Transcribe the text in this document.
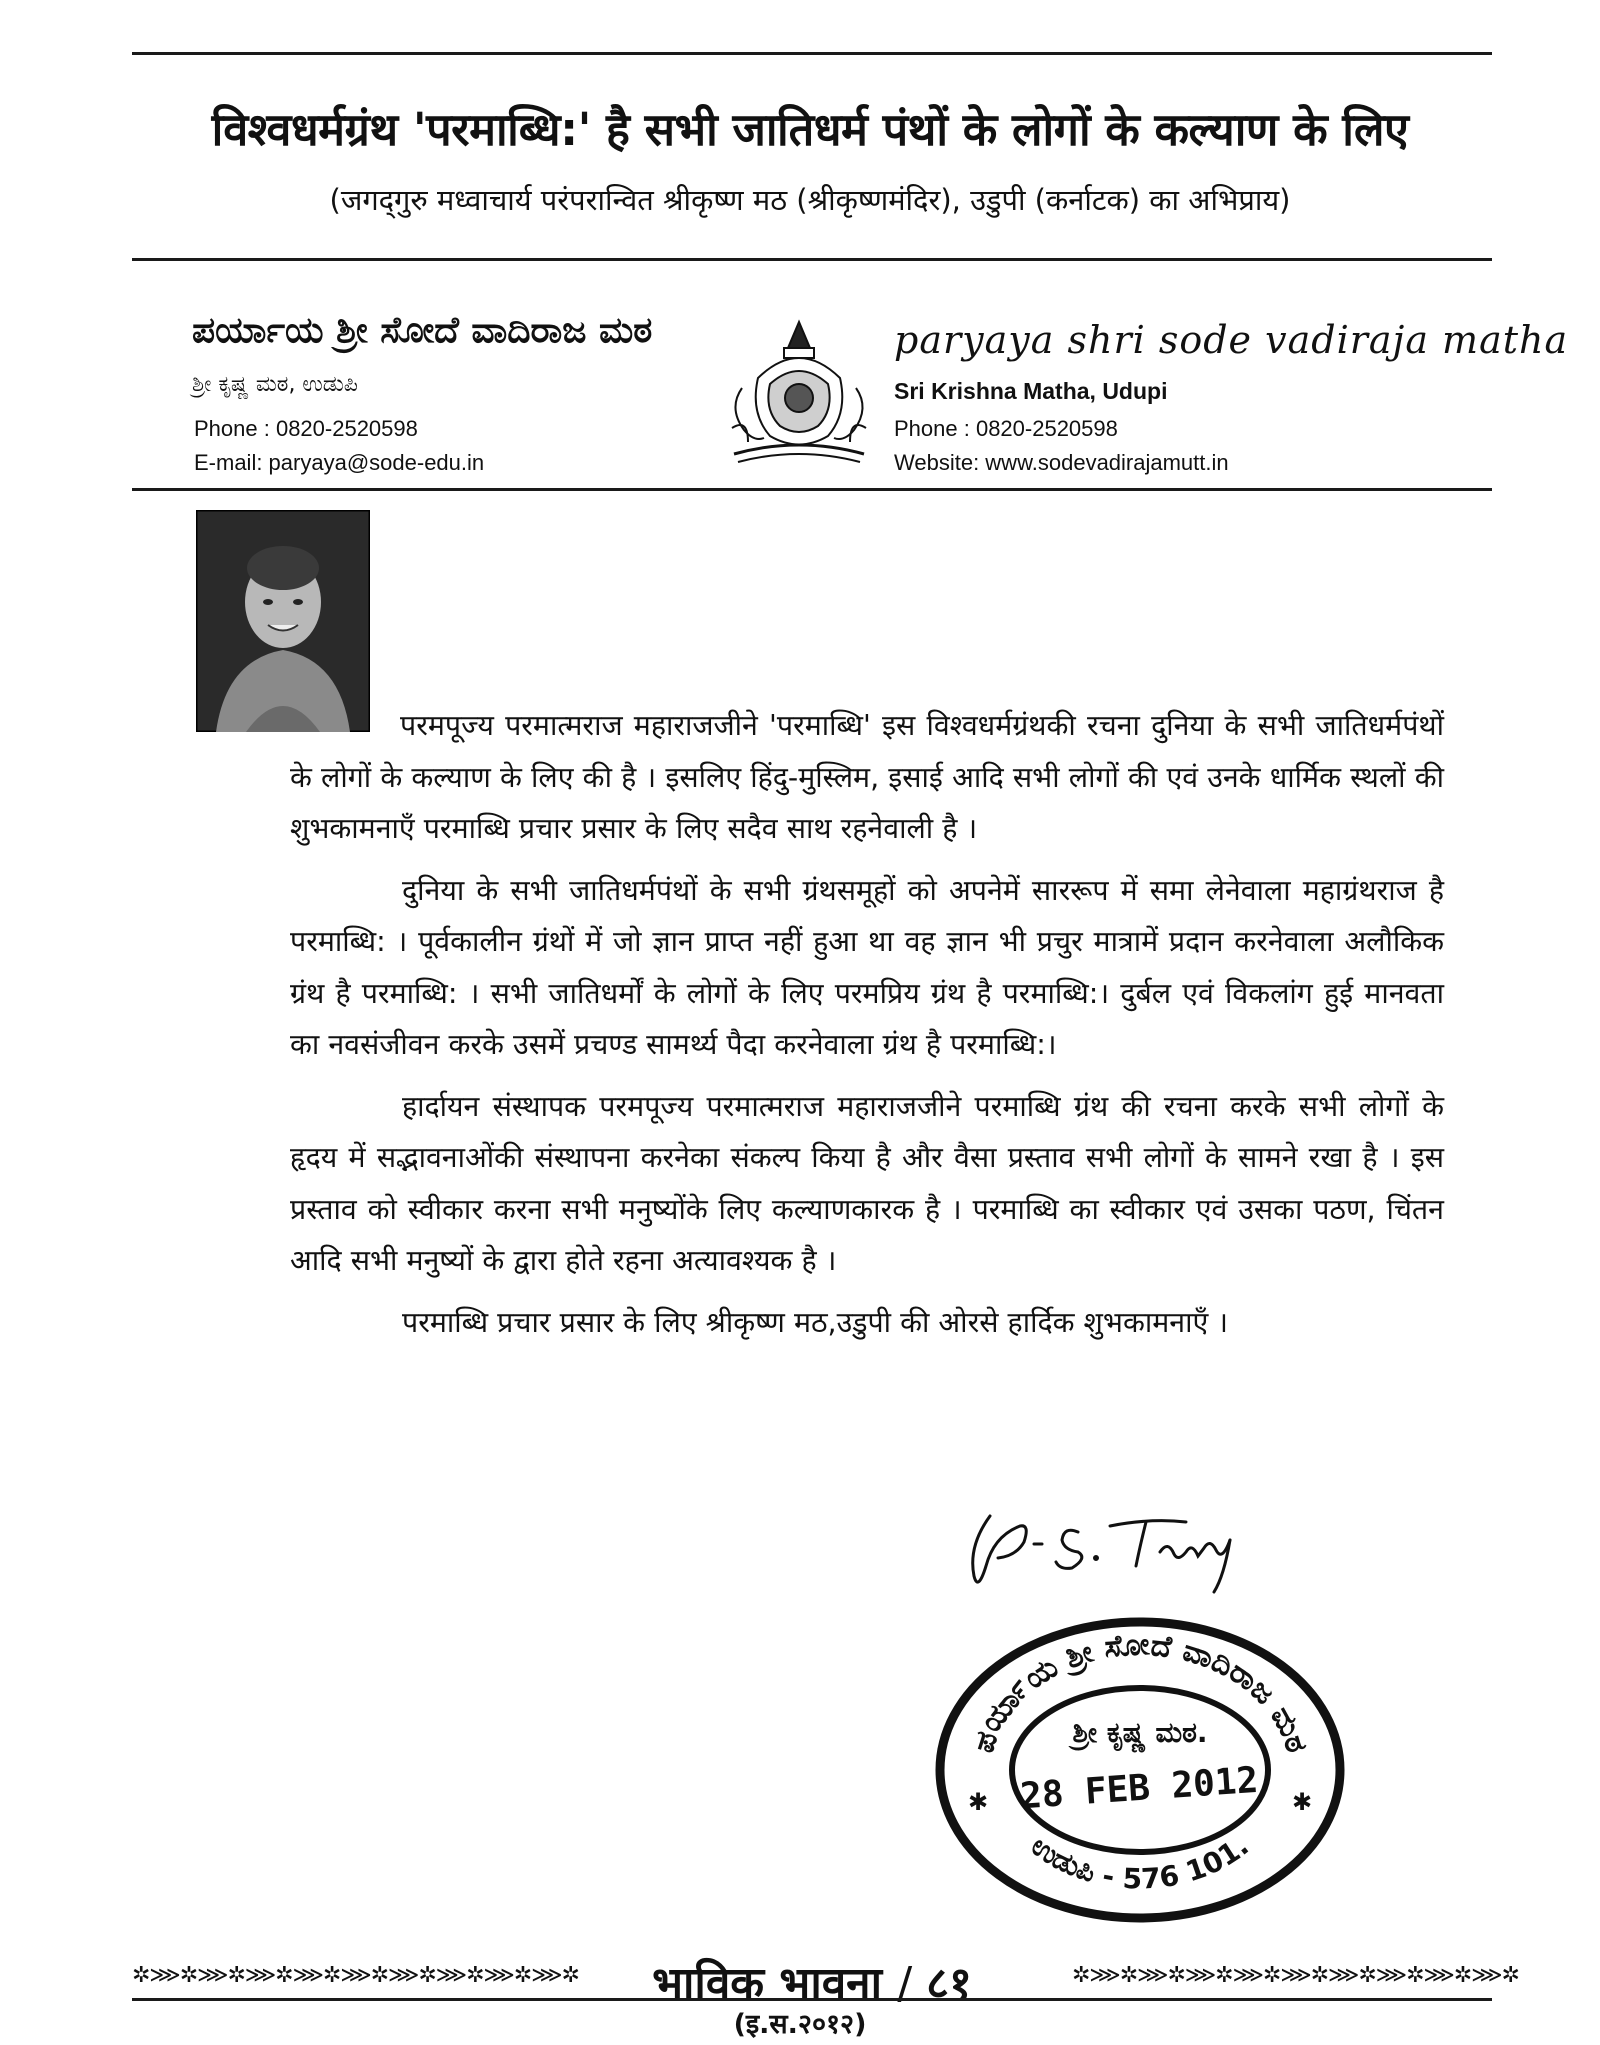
विश्वधर्मग्रंथ 'परमाब्धि:' है सभी जातिधर्म पंथों के लोगों के कल्याण के लिए
(जगद्‌गुरु मध्वाचार्य परंपरान्वित श्रीकृष्ण मठ (श्रीकृष्णमंदिर), उडुपी (कर्नाटक) का अभिप्राय)
ಪರ್ಯಾಯ ಶ್ರೀ ಸೋದೆ ವಾದಿರಾಜ ಮಠ
ಶ್ರೀ ಕೃಷ್ಣ ಮಠ, ಉಡುಪಿ
Phone : 0820-2520598
E-mail: paryaya@sode-edu.in
paryaya shri sode vadiraja matha
Sri Krishna Matha, Udupi
Phone : 0820-2520598
Website: www.sodevadirajamutt.in

परमपूज्य परमात्मराज महाराजजीने 'परमाब्धि' इस विश्वधर्मग्रंथकी रचना दुनिया के सभी जातिधर्मपंथों के लोगों के कल्याण के लिए की है । इसलिए हिंदु-मुस्लिम, इसाई आदि सभी लोगों की एवं उनके धार्मिक स्थलों की शुभकामनाएँ परमाब्धि प्रचार प्रसार के लिए सदैव साथ रहनेवाली है ।

दुनिया के सभी जातिधर्मपंथों के सभी ग्रंथसमूहों को अपनेमें साररूप में समा लेनेवाला महाग्रंथराज है परमाब्धि: । पूर्वकालीन ग्रंथों में जो ज्ञान प्राप्त नहीं हुआ था वह ज्ञान भी प्रचुर मात्रामें प्रदान करनेवाला अलौकिक ग्रंथ है परमाब्धि: । सभी जातिधर्मों के लोगों के लिए परमप्रिय ग्रंथ है परमाब्धि:। दुर्बल एवं विकलांग हुई मानवता का नवसंजीवन करके उसमें प्रचण्ड सामर्थ्य पैदा करनेवाला ग्रंथ है परमाब्धि:।

हार्दायन संस्थापक परमपूज्य परमात्मराज महाराजजीने परमाब्धि ग्रंथ की रचना करके सभी लोगों के हृदय में सद्भावनाओंकी संस्थापना करनेका संकल्प किया है और वैसा प्रस्ताव सभी लोगों के सामने रखा है । इस प्रस्ताव को स्वीकार करना सभी मनुष्योंके लिए कल्याणकारक है । परमाब्धि का स्वीकार एवं उसका पठण, चिंतन आदि सभी मनुष्यों के द्वारा होते रहना अत्यावश्यक है ।

परमाब्धि प्रचार प्रसार के लिए श्रीकृष्ण मठ,उडुपी की ओरसे हार्दिक शुभकामनाएँ ।

ಪರ್ಯಾಯ ಶ್ರೀ ಸೋದೆ ವಾದಿರಾಜ ಮಠ
ಶ್ರೀ ಕೃಷ್ಣ ಮಠ.
28 FEB 2012
ಉಡುಪಿ - 576 101.
✱	✱
✲⋙✲⋙✲⋙✲⋙✲⋙✲⋙✲⋙✲⋙✲⋙✲	भाविक भावना / ८१	✲⋙✲⋙✲⋙✲⋙✲⋙✲⋙✲⋙✲⋙✲⋙✲
(इ.स.२०१२)
